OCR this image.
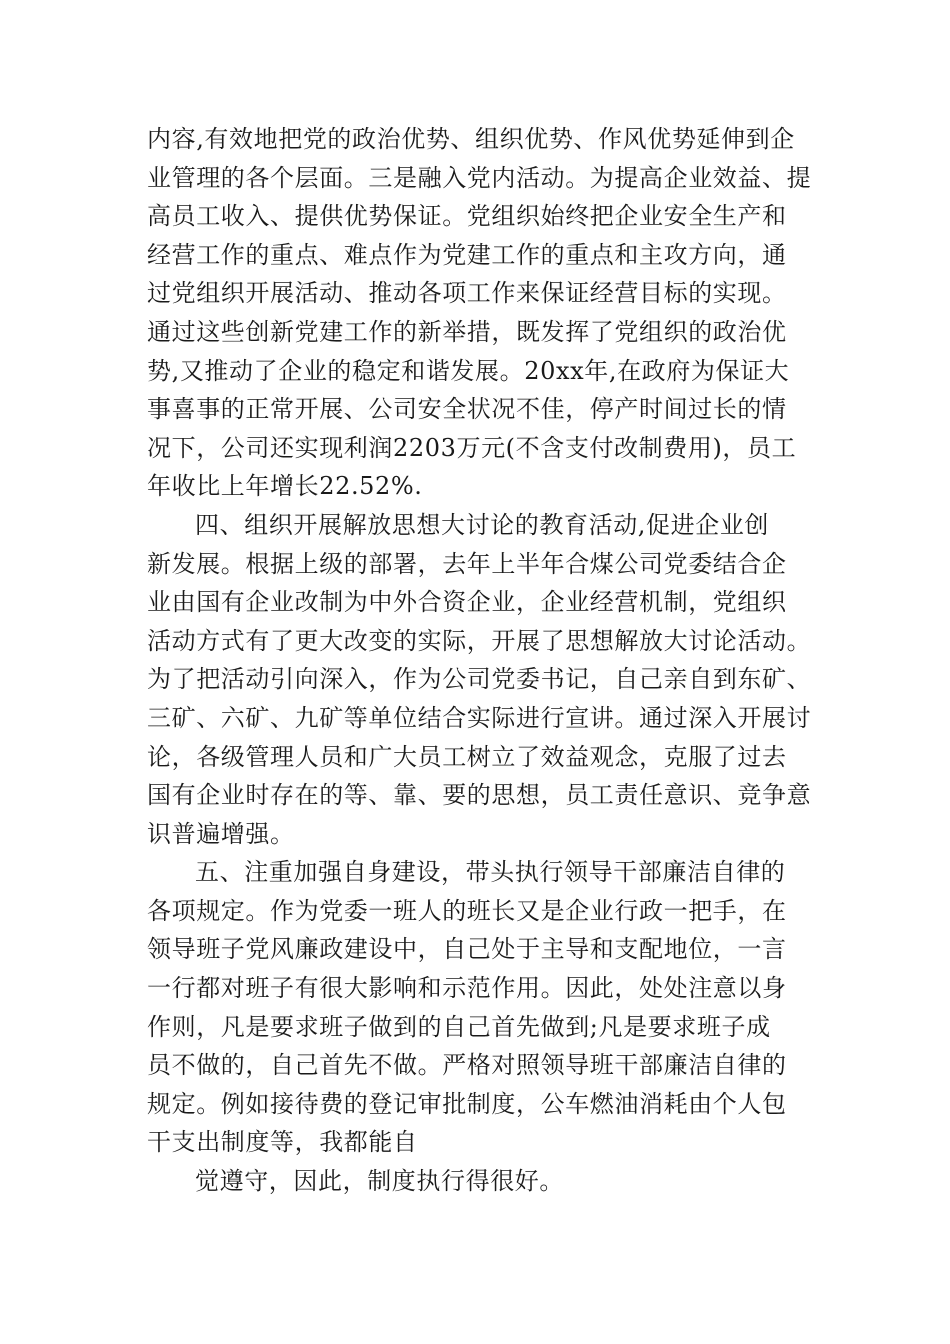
内容,有效地把党的政治优势、组织优势、作风优势延伸到企
业管理的各个层面。三是融入党内活动。为提高企业效益、提
高员工收入、提供优势保证。党组织始终把企业安全生产和
经营工作的重点、难点作为党建工作的重点和主攻方向，通
过党组织开展活动、推动各项工作来保证经营目标的实现。
通过这些创新党建工作的新举措，既发挥了党组织的政治优
势,又推动了企业的稳定和谐发展。20xx年,在政府为保证大
事喜事的正常开展、公司安全状况不佳，停产时间过长的情
况下，公司还实现利润2203万元(不含支付改制费用)，员工
年收比上年增长22.52%.
四、组织开展解放思想大讨论的教育活动,促进企业创
新发展。根据上级的部署，去年上半年合煤公司党委结合企
业由国有企业改制为中外合资企业，企业经营机制，党组织
活动方式有了更大改变的实际，开展了思想解放大讨论活动。
为了把活动引向深入，作为公司党委书记，自己亲自到东矿、
三矿、六矿、九矿等单位结合实际进行宣讲。通过深入开展讨
论，各级管理人员和广大员工树立了效益观念，克服了过去
国有企业时存在的等、靠、要的思想，员工责任意识、竞争意
识普遍增强。
五、注重加强自身建设，带头执行领导干部廉洁自律的
各项规定。作为党委一班人的班长又是企业行政一把手，在
领导班子党风廉政建设中，自己处于主导和支配地位，一言
一行都对班子有很大影响和示范作用。因此，处处注意以身
作则，凡是要求班子做到的自己首先做到;凡是要求班子成
员不做的，自己首先不做。严格对照领导班干部廉洁自律的
规定。例如接待费的登记审批制度，公车燃油消耗由个人包
干支出制度等，我都能自
觉遵守，因此，制度执行得很好。
